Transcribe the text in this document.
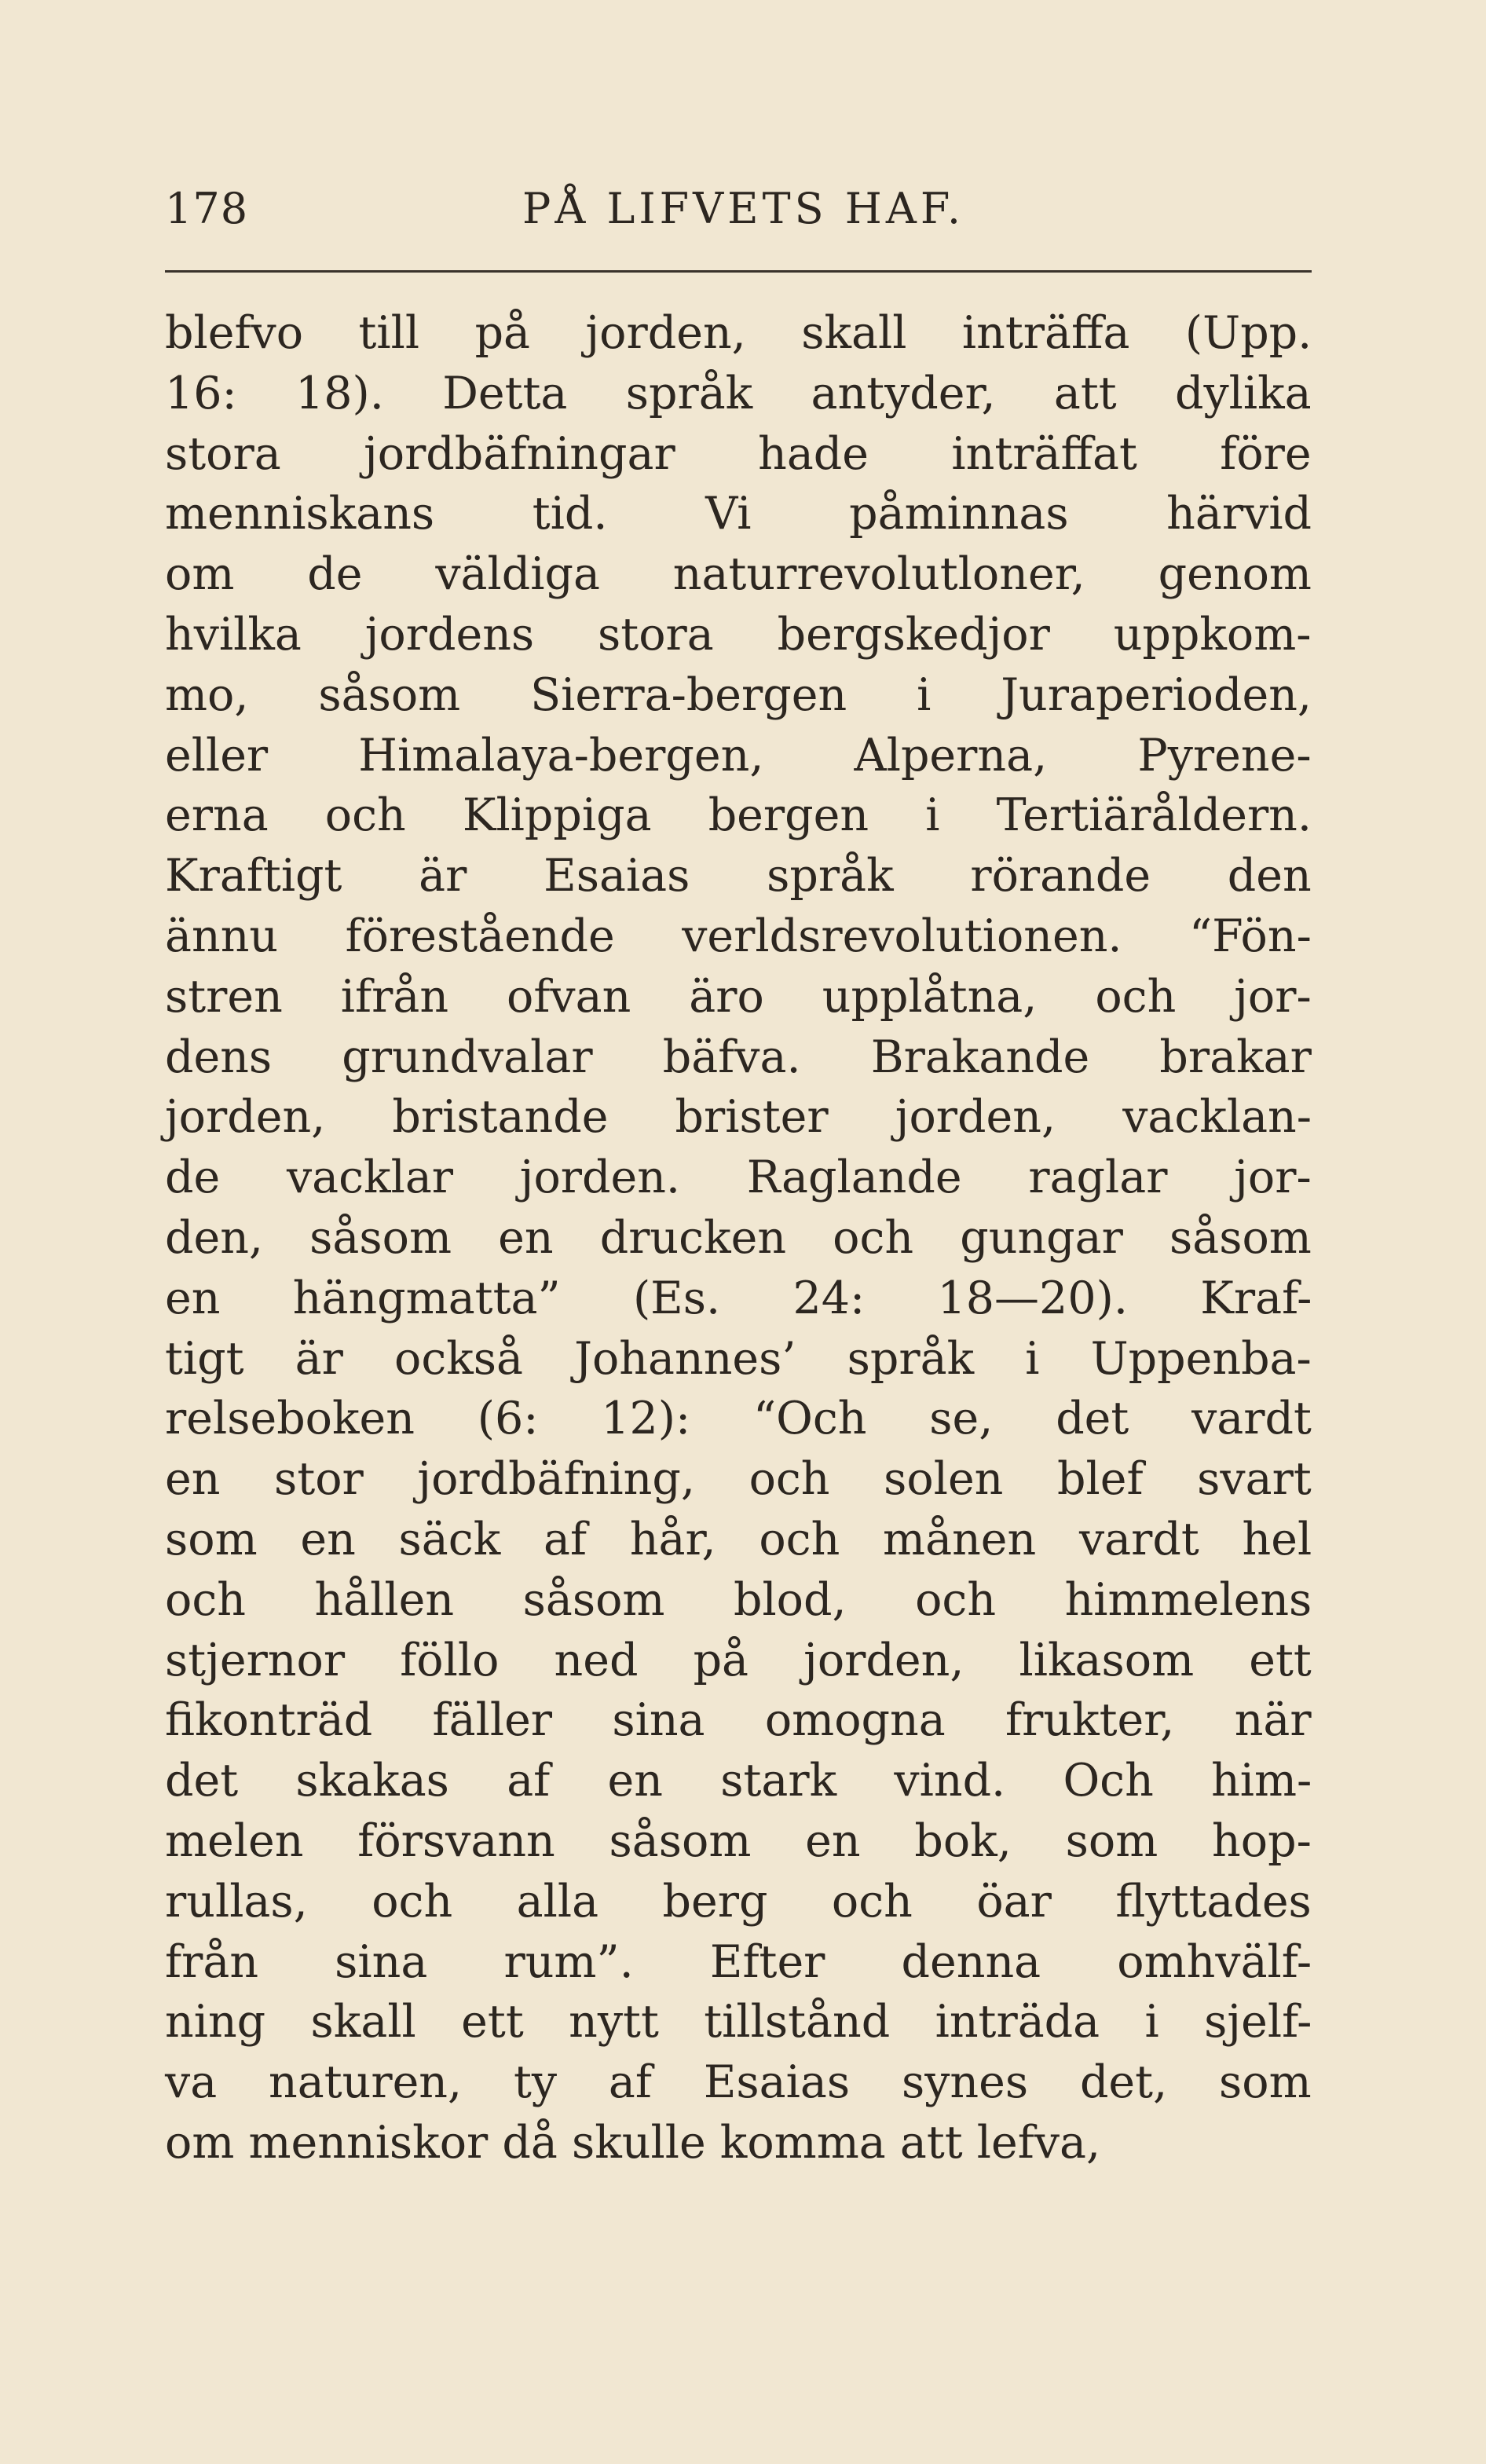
178	PÅ LIFVETS HAF.
blefvo till på jorden, skall inträffa (Upp.
16: 18). Detta språk antyder, att dylika
stora jordbäfningar hade inträffat före
menniskans tid. Vi påminnas härvid
om de väldiga naturrevolutloner, genom
hvilka jordens stora bergskedjor uppkom-
mo, såsom Sierra-bergen i Juraperioden,
eller Himalaya-bergen, Alperna, Pyrene-
erna och Klippiga bergen i Tertiäråldern.
Kraftigt är Esaias språk rörande den
ännu förestående verldsrevolutionen. “Fön-
stren ifrån ofvan äro upplåtna, och jor-
dens grundvalar bäfva. Brakande brakar
jorden, bristande brister jorden, vacklan-
de vacklar jorden. Raglande raglar jor-
den, såsom en drucken och gungar såsom
en hängmatta” (Es. 24: 18—20). Kraf-
tigt är också Johannes’ språk i Uppenba-
relseboken (6: 12): “Och se, det vardt
en stor jordbäfning, och solen blef svart
som en säck af hår, och månen vardt hel
och hållen såsom blod, och himmelens
stjernor föllo ned på jorden, likasom ett
fikonträd fäller sina omogna frukter, när
det skakas af en stark vind. Och him-
melen försvann såsom en bok, som hop-
rullas, och alla berg och öar flyttades
från sina rum”. Efter denna omhvälf-
ning skall ett nytt tillstånd inträda i sjelf-
va naturen, ty af Esaias synes det, som
om menniskor då skulle komma att lefva,
